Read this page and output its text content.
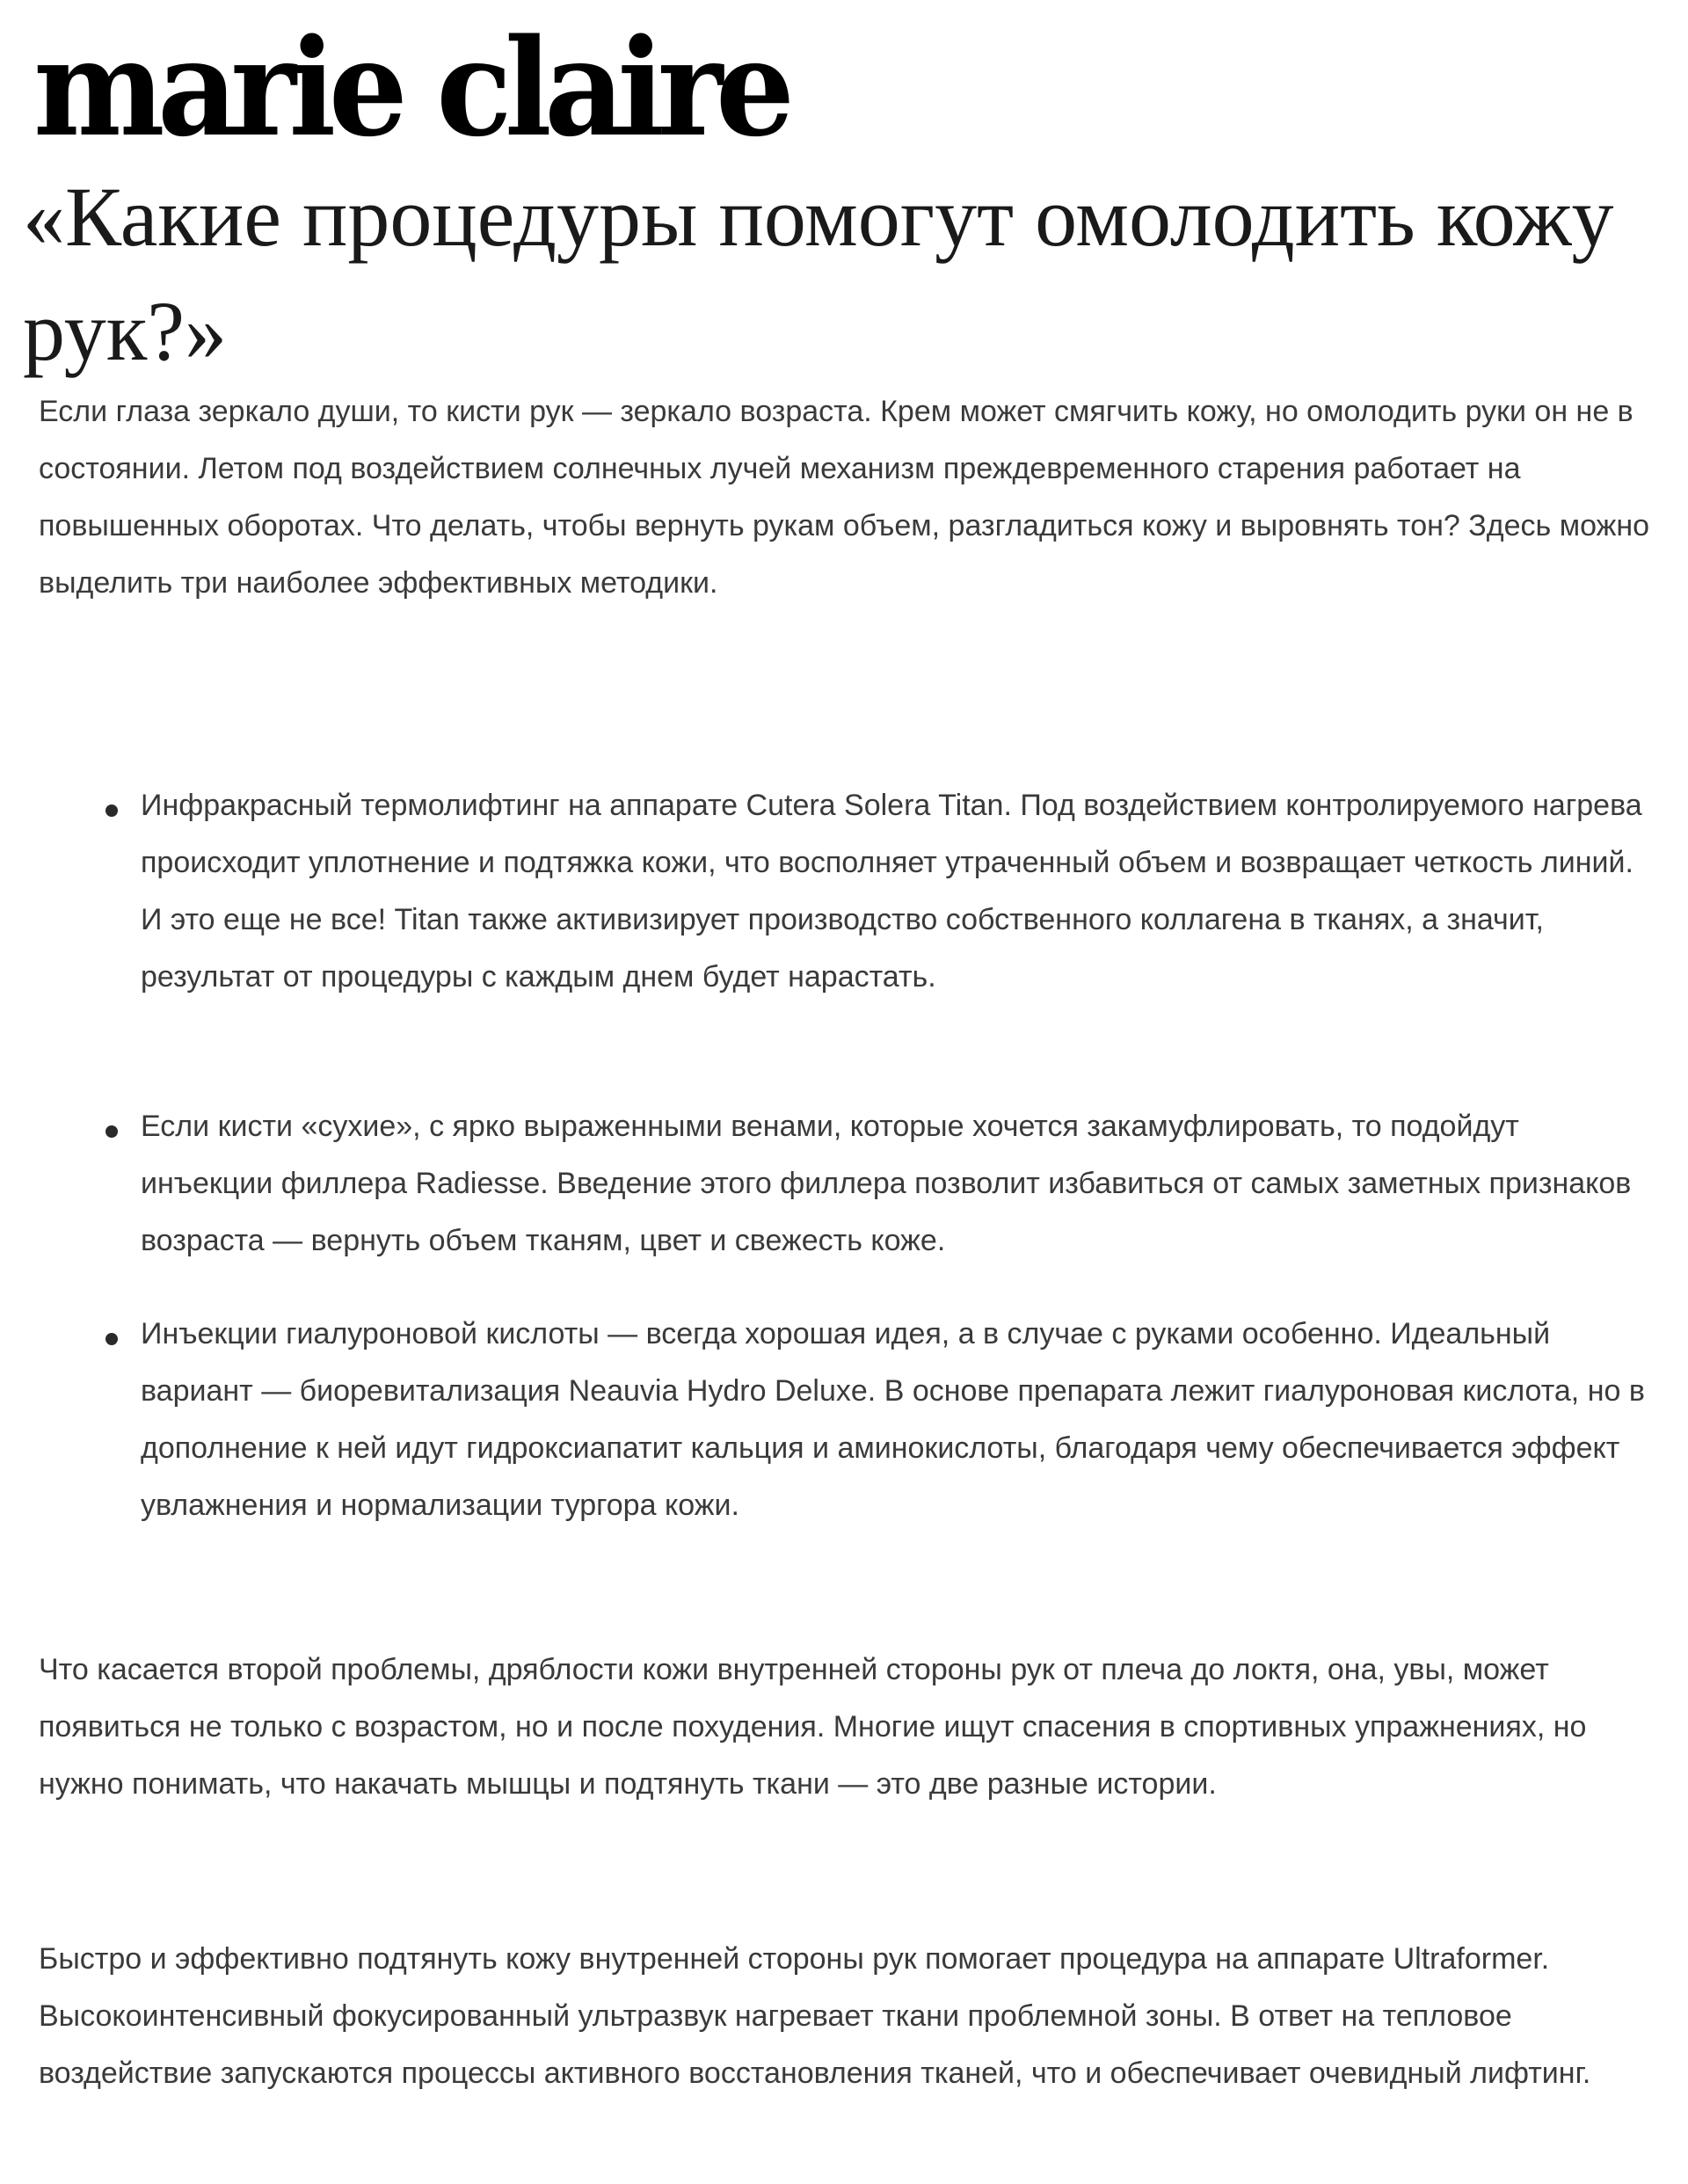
marie claire
«Какие процедуры помогут омолодить кожу рук?»

Если глаза зеркало души, то кисти рук — зеркало возраста. Крем может смягчить кожу, но омолодить руки он не в состоянии. Летом под воздействием солнечных лучей механизм преждевременного старения работает на повышенных оборотах. Что делать, чтобы вернуть рукам объем, разгладиться кожу и выровнять тон? Здесь можно выделить три наиболее эффективных методики.

Инфракрасный термолифтинг на аппарате Cutera Solera Titan. Под воздействием контролируемого нагрева происходит уплотнение и подтяжка кожи, что восполняет утраченный объем и возвращает четкость линий. И это еще не все! Titan также активизирует производство собственного коллагена в тканях, а значит, результат от процедуры с каждым днем будет нарастать.

Если кисти «сухие», с ярко выраженными венами, которые хочется закамуфлировать, то подойдут инъекции филлера Radiesse. Введение этого филлера позволит избавиться от самых заметных признаков возраста — вернуть объем тканям, цвет и свежесть коже.

Инъекции гиалуроновой кислоты — всегда хорошая идея, а в случае с руками особенно. Идеальный вариант — биоревитализация Neauvia Hydro Deluxe. В основе препарата лежит гиалуроновая кислота, но в дополнение к ней идут гидроксиапатит кальция и аминокислоты, благодаря чему обеспечивается эффект увлажнения и нормализации тургора кожи.

Что касается второй проблемы, дряблости кожи внутренней стороны рук от плеча до локтя, она, увы, может появиться не только с возрастом, но и после похудения. Многие ищут спасения в спортивных упражнениях, но нужно понимать, что накачать мышцы и подтянуть ткани — это две разные истории.

Быстро и эффективно подтянуть кожу внутренней стороны рук помогает процедура на аппарате Ultraformer. Высокоинтенсивный фокусированный ультразвук нагревает ткани проблемной зоны. В ответ на тепловое воздействие запускаются процессы активного восстановления тканей, что и обеспечивает очевидный лифтинг.
